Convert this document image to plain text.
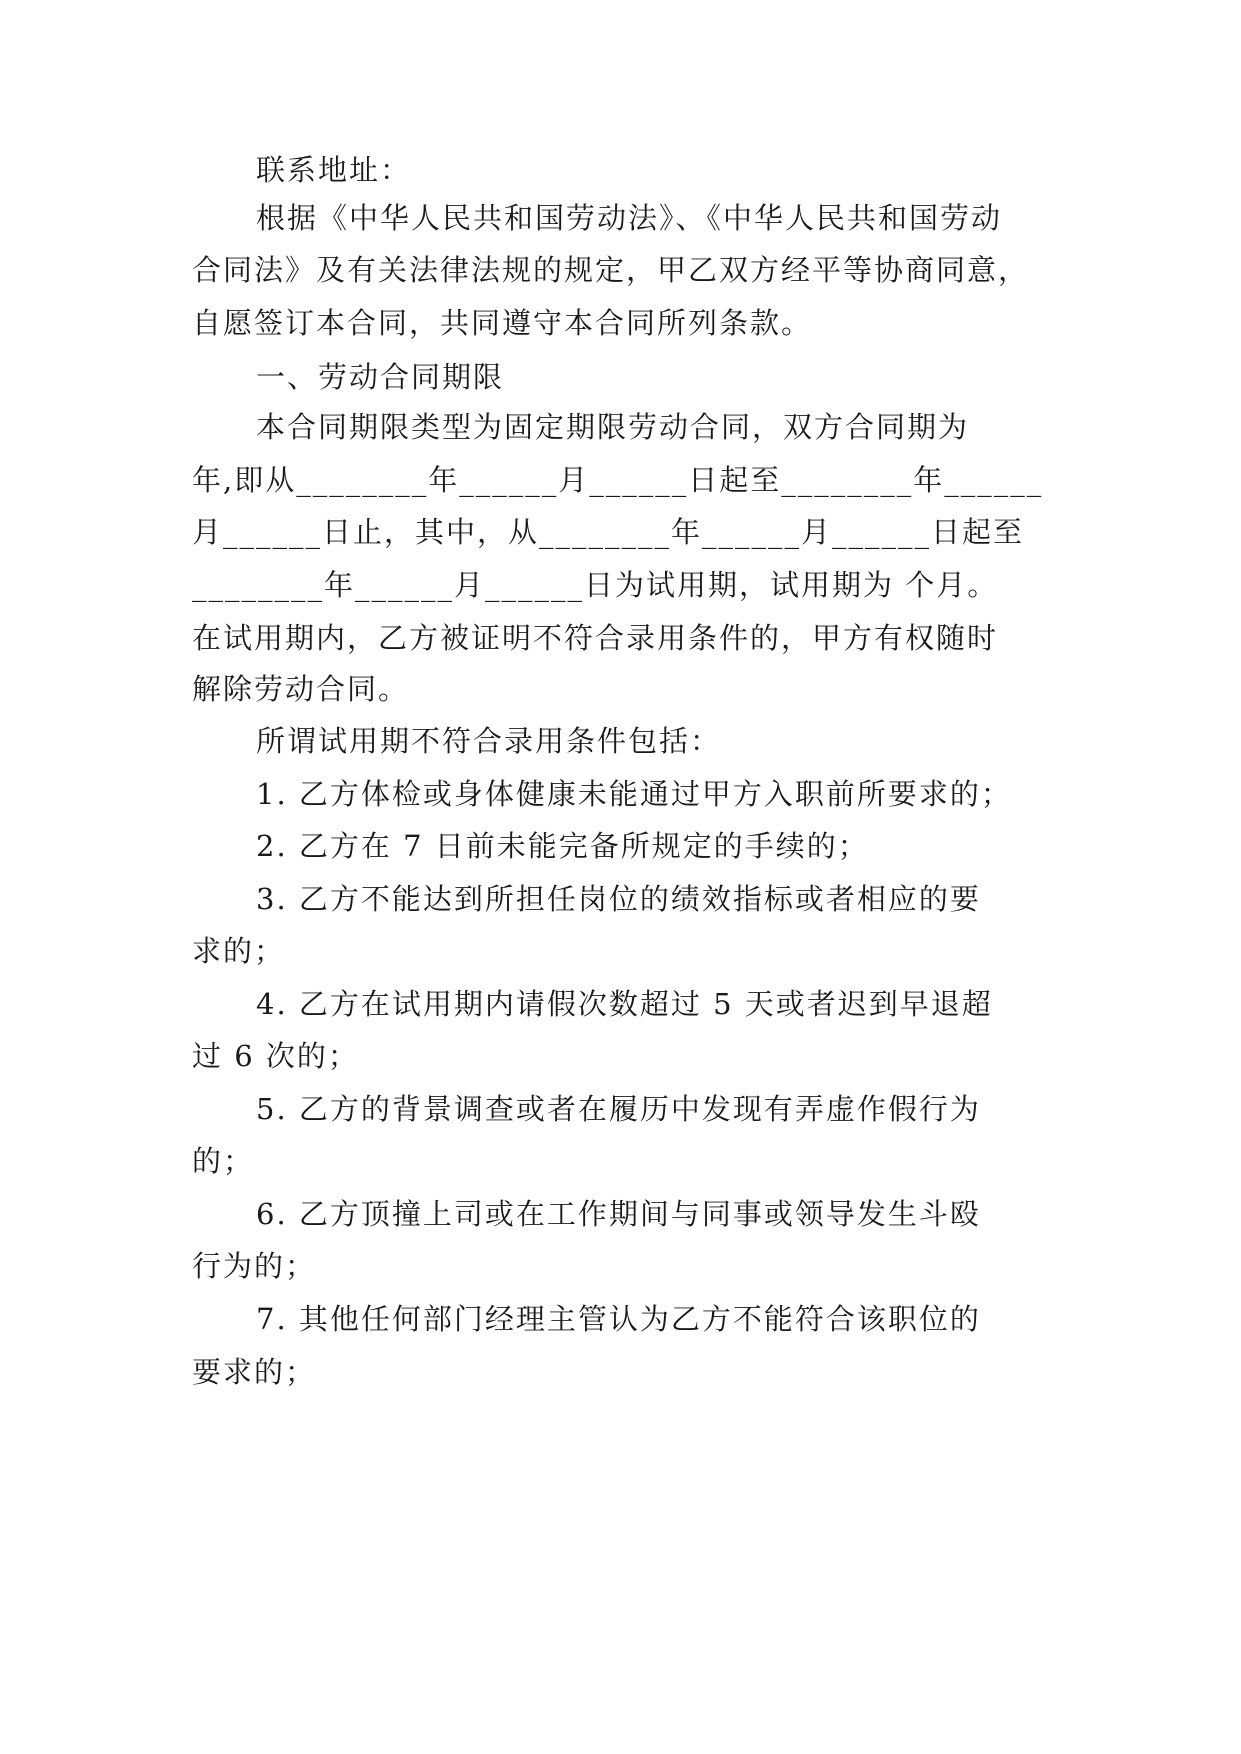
联系地址：
根据《中华人民共和国劳动法》、《中华人民共和国劳动
合同法》及有关法律法规的规定，甲乙双方经平等协商同意，
自愿签订本合同，共同遵守本合同所列条款。
一、劳动合同期限
本合同期限类型为固定期限劳动合同，双方合同期为
年,即从________年______月______日起至________年______
月______日止，其中，从________年______月______日起至
________年______月______日为试用期，试用期为 个月。
在试用期内，乙方被证明不符合录用条件的，甲方有权随时
解除劳动合同。
所谓试用期不符合录用条件包括：
1. 乙方体检或身体健康未能通过甲方入职前所要求的；
2. 乙方在 7 日前未能完备所规定的手续的；
3. 乙方不能达到所担任岗位的绩效指标或者相应的要
求的；
4. 乙方在试用期内请假次数超过 5 天或者迟到早退超
过 6 次的；
5. 乙方的背景调查或者在履历中发现有弄虚作假行为
的；
6. 乙方顶撞上司或在工作期间与同事或领导发生斗殴
行为的；
7. 其他任何部门经理主管认为乙方不能符合该职位的
要求的；
